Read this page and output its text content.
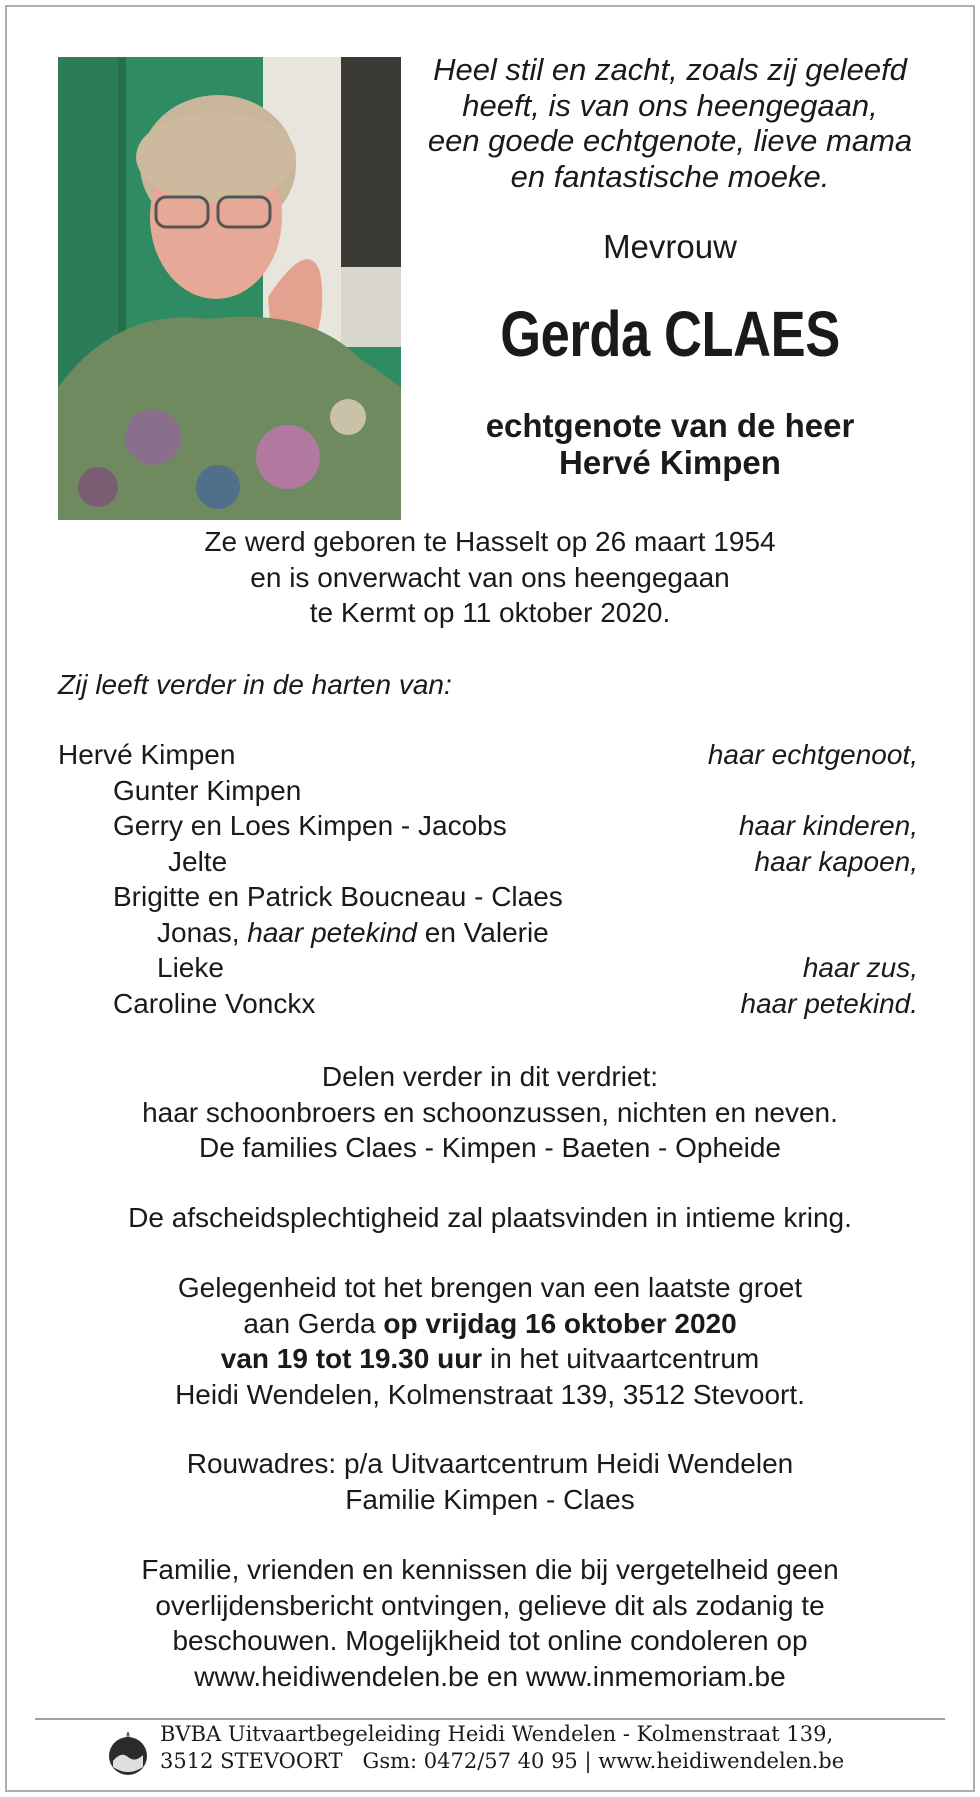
Heel stil en zacht, zoals zij geleefd
heeft, is van ons heengegaan,
een goede echtgenote, lieve mama
en fantastische moeke.
Mevrouw
Gerda CLAES
echtgenote van de heer
Hervé Kimpen
Ze werd geboren te Hasselt op 26 maart 1954
en is onverwacht van ons heengegaan
te Kermt op 11 oktober 2020.
Zij leeft verder in de harten van:
Hervé Kimpen	haar echtgenoot,
Gunter Kimpen
Gerry en Loes Kimpen - Jacobs	haar kinderen,
Jelte	haar kapoen,
Brigitte en Patrick Boucneau - Claes
Jonas, haar petekind en Valerie
Lieke	haar zus,
Caroline Vonckx	haar petekind.
Delen verder in dit verdriet:
haar schoonbroers en schoonzussen, nichten en neven.
De families Claes - Kimpen - Baeten - Opheide
De afscheidsplechtigheid zal plaatsvinden in intieme kring.
Gelegenheid tot het brengen van een laatste groet
aan Gerda op vrijdag 16 oktober 2020
van 19 tot 19.30 uur in het uitvaartcentrum
Heidi Wendelen, Kolmenstraat 139, 3512 Stevoort.
Rouwadres: p/a Uitvaartcentrum Heidi Wendelen
Familie Kimpen - Claes
Familie, vrienden en kennissen die bij vergetelheid geen
overlijdensbericht ontvingen, gelieve dit als zodanig te
beschouwen. Mogelijkheid tot online condoleren op
www.heidiwendelen.be en www.inmemoriam.be
BVBA Uitvaartbegeleiding Heidi Wendelen - Kolmenstraat 139,
3512 STEVOORT   Gsm: 0472/57 40 95 | www.heidiwendelen.be
